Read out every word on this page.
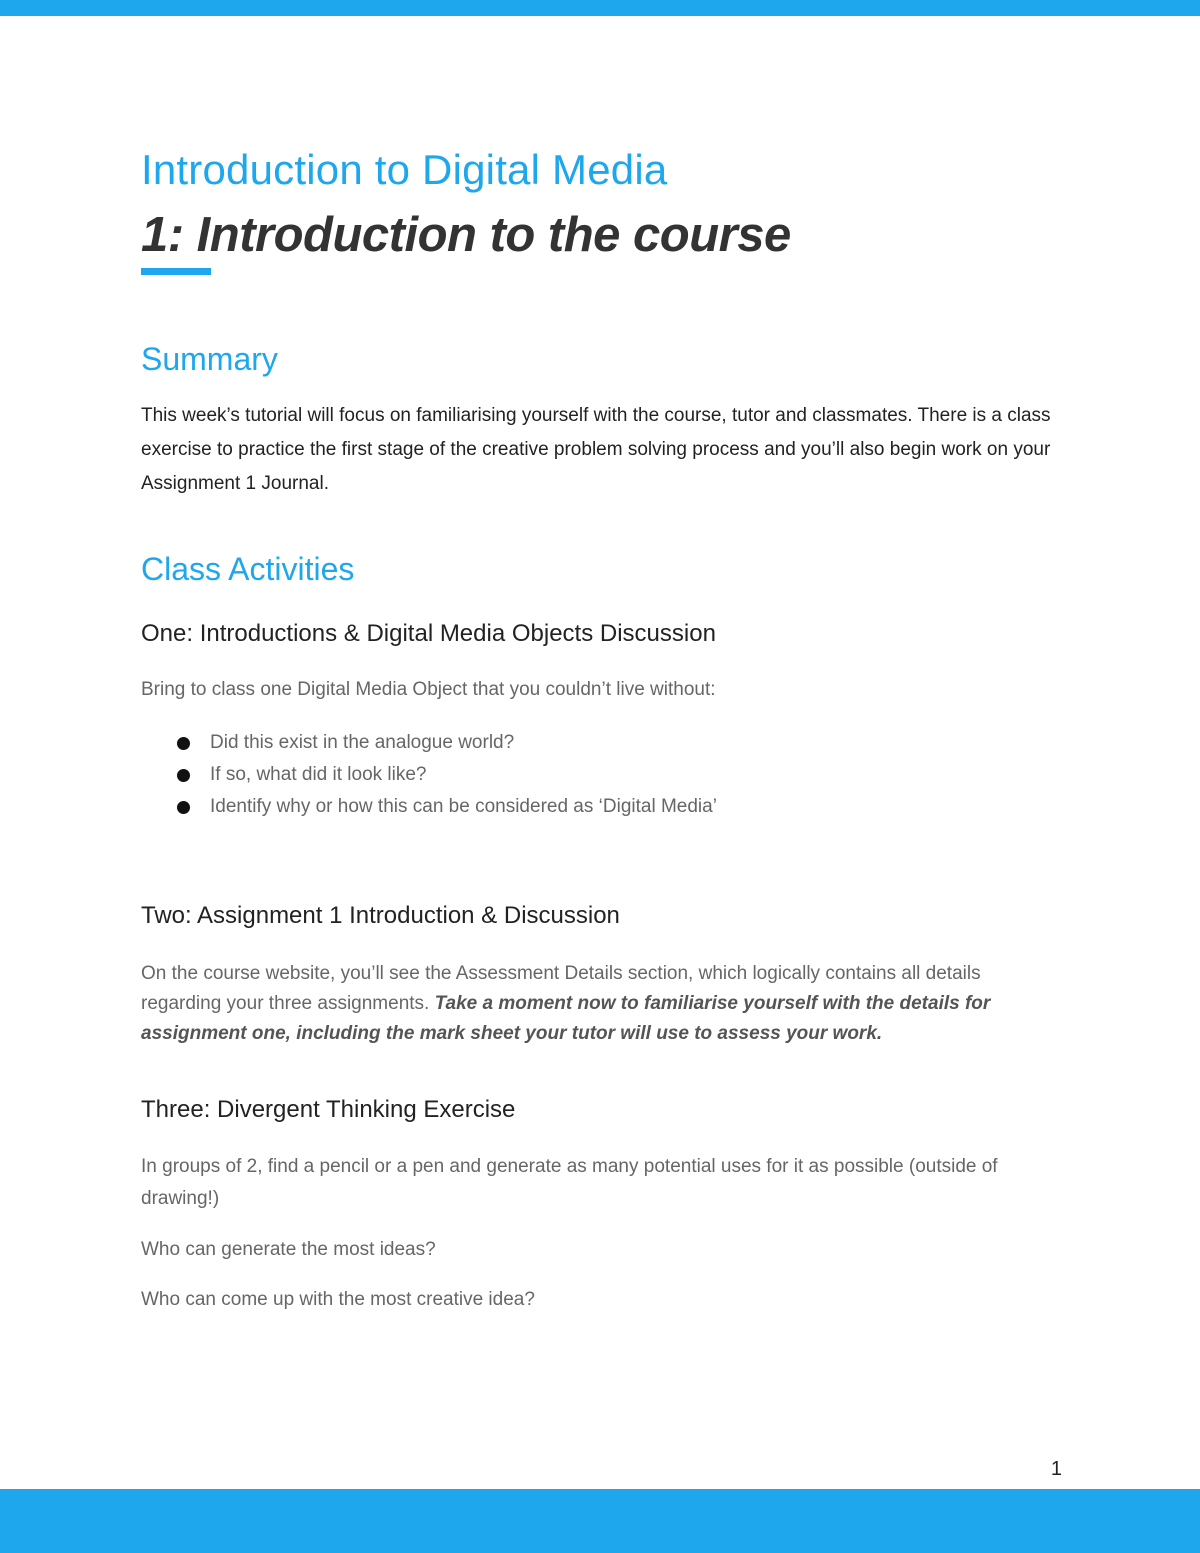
Introduction to Digital Media
1: Introduction to the course
Summary

This week’s tutorial will focus on familiarising yourself with the course, tutor and classmates. There is a class exercise to practice the first stage of the creative problem solving process and you’ll also begin work on your Assignment 1 Journal.

Class Activities
One: Introductions & Digital Media Objects Discussion

Bring to class one Digital Media Object that you couldn’t live without:

Did this exist in the analogue world?
If so, what did it look like?
Identify why or how this can be considered as ‘Digital Media’
Two: Assignment 1 Introduction & Discussion

On the course website, you’ll see the Assessment Details section, which logically contains all details regarding your three assignments. Take a moment now to familiarise yourself with the details for assignment one, including the mark sheet your tutor will use to assess your work.

Three: Divergent Thinking Exercise

In groups of 2, find a pencil or a pen and generate as many potential uses for it as possible (outside of drawing!)

Who can generate the most ideas?

Who can come up with the most creative idea?

1
